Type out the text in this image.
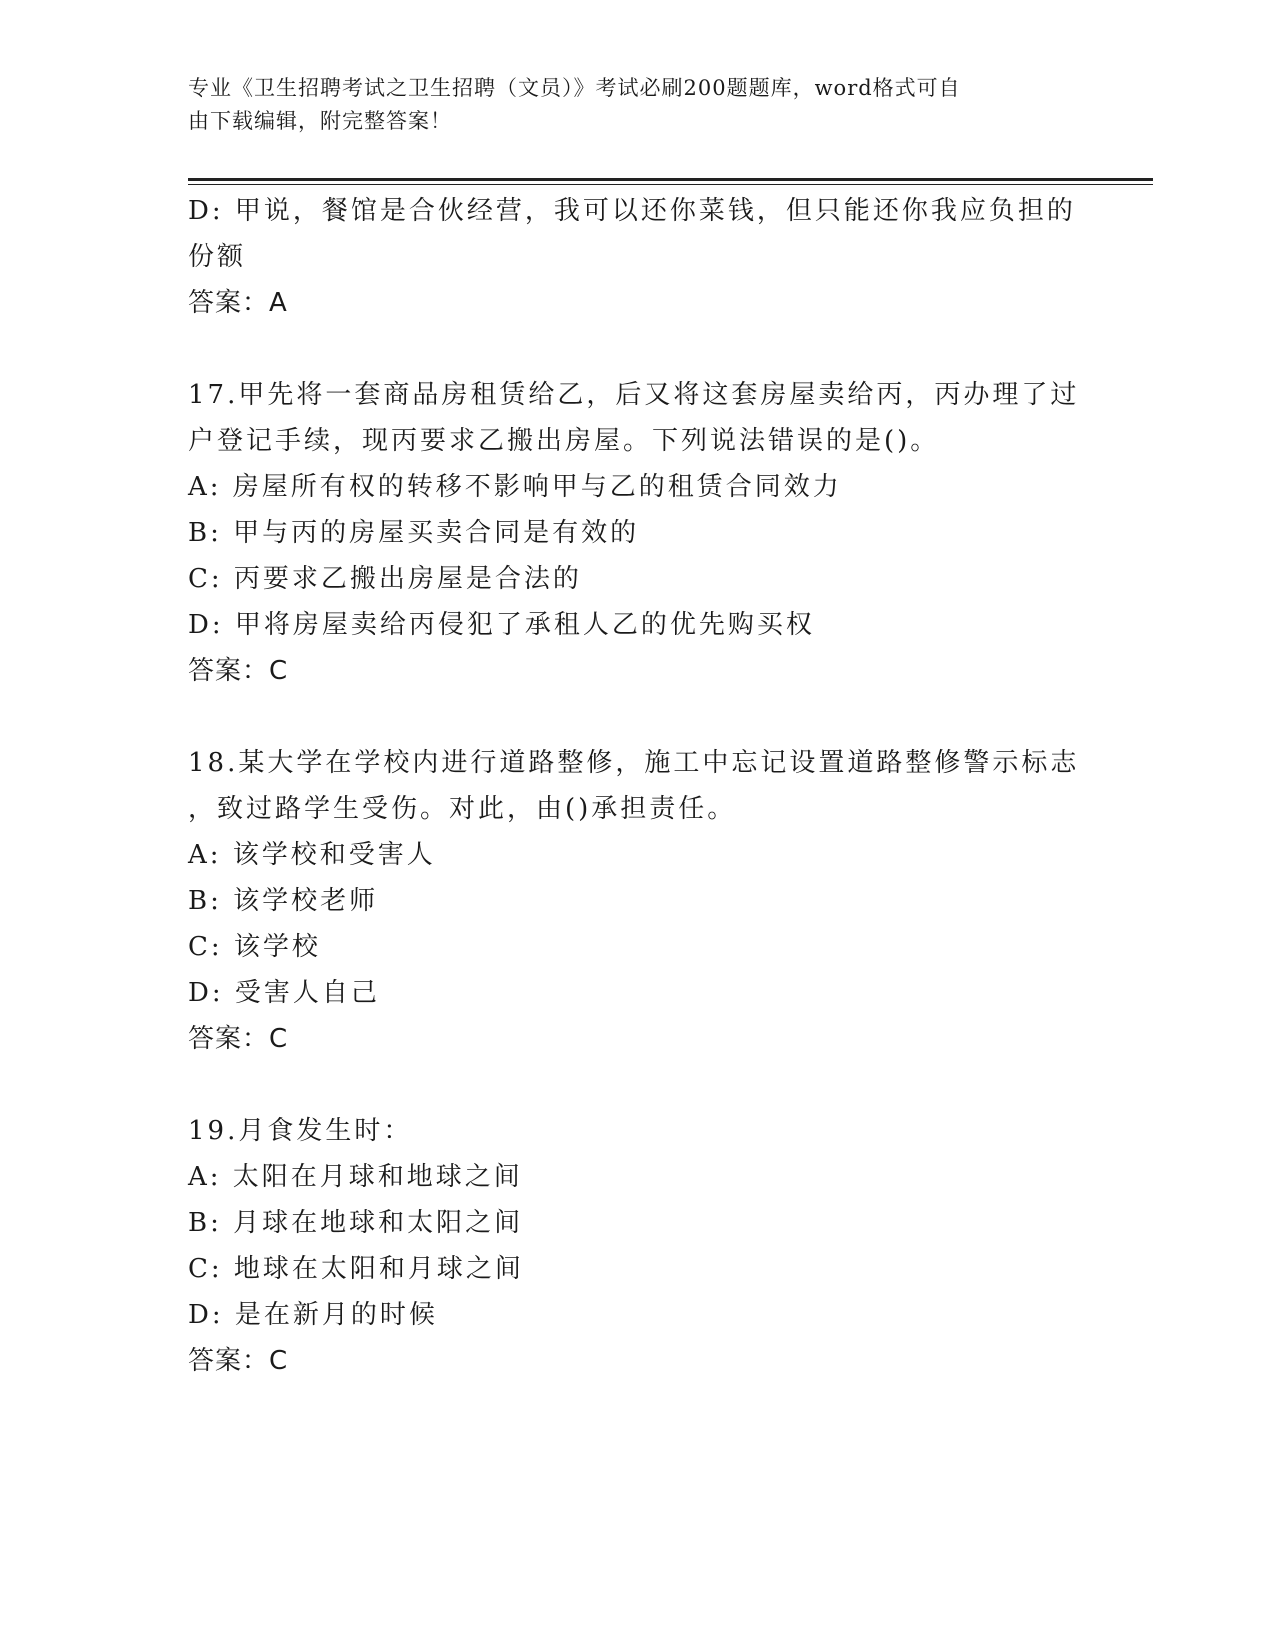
专业《卫生招聘考试之卫生招聘（文员）》考试必刷200题题库，word格式可自
由下载编辑，附完整答案！
D: 甲说，餐馆是合伙经营，我可以还你菜钱，但只能还你我应负担的
份额
答案：A
17.甲先将一套商品房租赁给乙，后又将这套房屋卖给丙，丙办理了过
户登记手续，现丙要求乙搬出房屋。下列说法错误的是()。
A: 房屋所有权的转移不影响甲与乙的租赁合同效力
B: 甲与丙的房屋买卖合同是有效的
C: 丙要求乙搬出房屋是合法的
D: 甲将房屋卖给丙侵犯了承租人乙的优先购买权
答案：C
18.某大学在学校内进行道路整修，施工中忘记设置道路整修警示标志
，致过路学生受伤。对此，由()承担责任。
A: 该学校和受害人
B: 该学校老师
C: 该学校
D: 受害人自己
答案：C
19.月食发生时：
A: 太阳在月球和地球之间
B: 月球在地球和太阳之间
C: 地球在太阳和月球之间
D: 是在新月的时候
答案：C
